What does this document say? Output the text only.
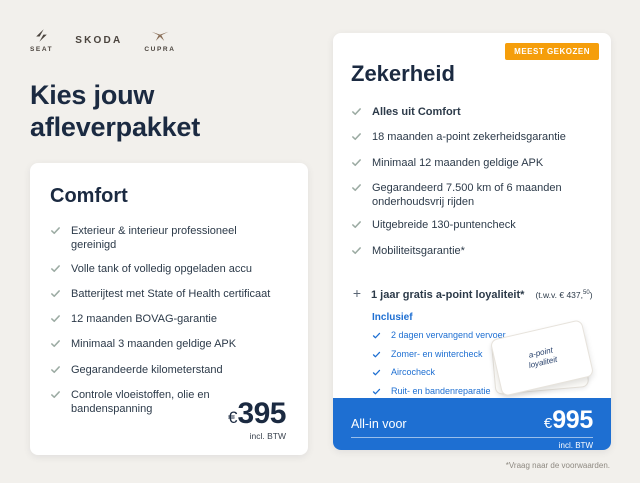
SEAT
SKODA
CUPRA
Kies jouw afleverpakket
Comfort
Exterieur & interieur professioneel gereinigd
Volle tank of volledig opgeladen accu
Batterijtest met State of Health certificaat
12 maanden BOVAG-garantie
Minimaal 3 maanden geldige APK
Gegarandeerde kilometerstand
Controle vloeistoffen, olie en bandenspanning	€395
incl. BTW
MEEST GEKOZEN
Zekerheid
Alles uit Comfort
18 maanden a-point zekerheidsgarantie
Minimaal 12 maanden geldige APK
Gegarandeerd 7.500 km of 6 maanden onderhoudsvrij rijden
Uitgebreide 130-puntencheck
Mobiliteitsgarantie*
+ 1 jaar gratis a-point loyaliteit* (t.w.v. € 437,50)
Inclusief
2 dagen vervangend vervoer
Zomer- en wintercheck
Aircocheck
Ruit- en bandenreparatie
a-point loyaliteit
All-in voor	€995
incl. BTW
*Vraag naar de voorwaarden.
